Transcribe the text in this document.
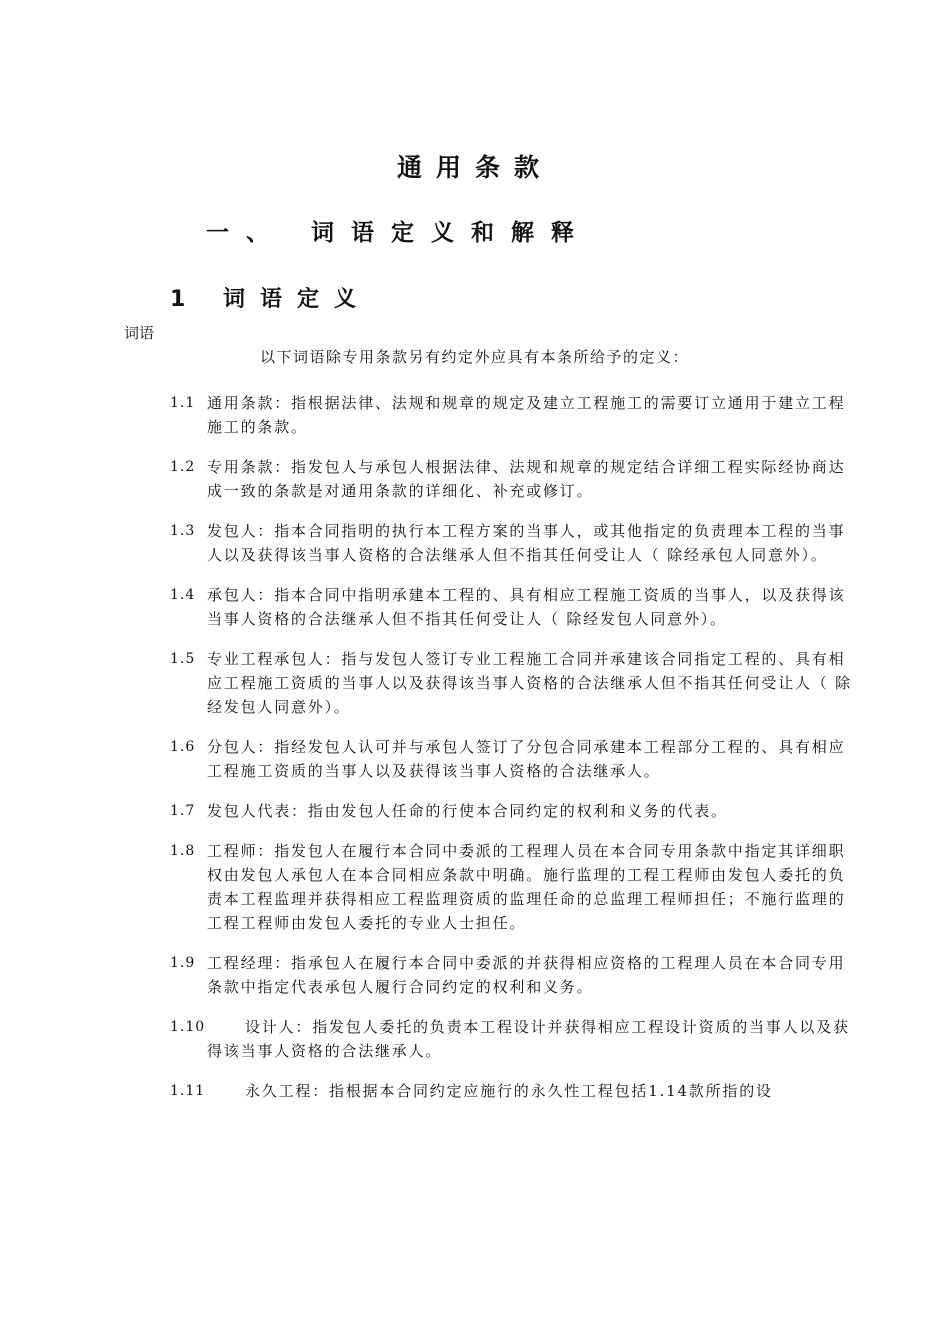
通用条款
一、 词语定义和解释
1 词语定义
词语
以下词语除专用条款另有约定外应具有本条所给予的定义：
1.1 通用条款：指根据法律、法规和规章的规定及建立工程施工的需要订立通用于建立工程施工的条款。
1.2 专用条款：指发包人与承包人根据法律、法规和规章的规定结合详细工程实际经协商达成一致的条款是对通用条款的详细化、补充或修订。
1.3 发包人：指本合同指明的执行本工程方案的当事人，或其他指定的负责理本工程的当事人以及获得该当事人资格的合法继承人但不指其任何受让人（ 除经承包人同意外）。
1.4 承包人：指本合同中指明承建本工程的、具有相应工程施工资质的当事人，以及获得该当事人资格的合法继承人但不指其任何受让人（ 除经发包人同意外）。
1.5 专业工程承包人：指与发包人签订专业工程施工合同并承建该合同指定工程的、具有相应工程施工资质的当事人以及获得该当事人资格的合法继承人但不指其任何受让人（ 除经发包人同意外）。
1.6 分包人：指经发包人认可并与承包人签订了分包合同承建本工程部分工程的、具有相应工程施工资质的当事人以及获得该当事人资格的合法继承人。
1.7 发包人代表：指由发包人任命的行使本合同约定的权利和义务的代表。
1.8 工程师：指发包人在履行本合同中委派的工程理人员在本合同专用条款中指定其详细职权由发包人承包人在本合同相应条款中明确。施行监理的工程工程师由发包人委托的负责本工程监理并获得相应工程监理资质的监理任命的总监理工程师担任；不施行监理的工程工程师由发包人委托的专业人士担任。
1.9 工程经理：指承包人在履行本合同中委派的并获得相应资格的工程理人员在本合同专用条款中指定代表承包人履行合同约定的权利和义务。
1.10	设计人：指发包人委托的负责本工程设计并获得相应工程设计资质的当事人以及获得该当事人资格的合法继承人。
1.11	永久工程：指根据本合同约定应施行的永久性工程包括1.14款所指的设
